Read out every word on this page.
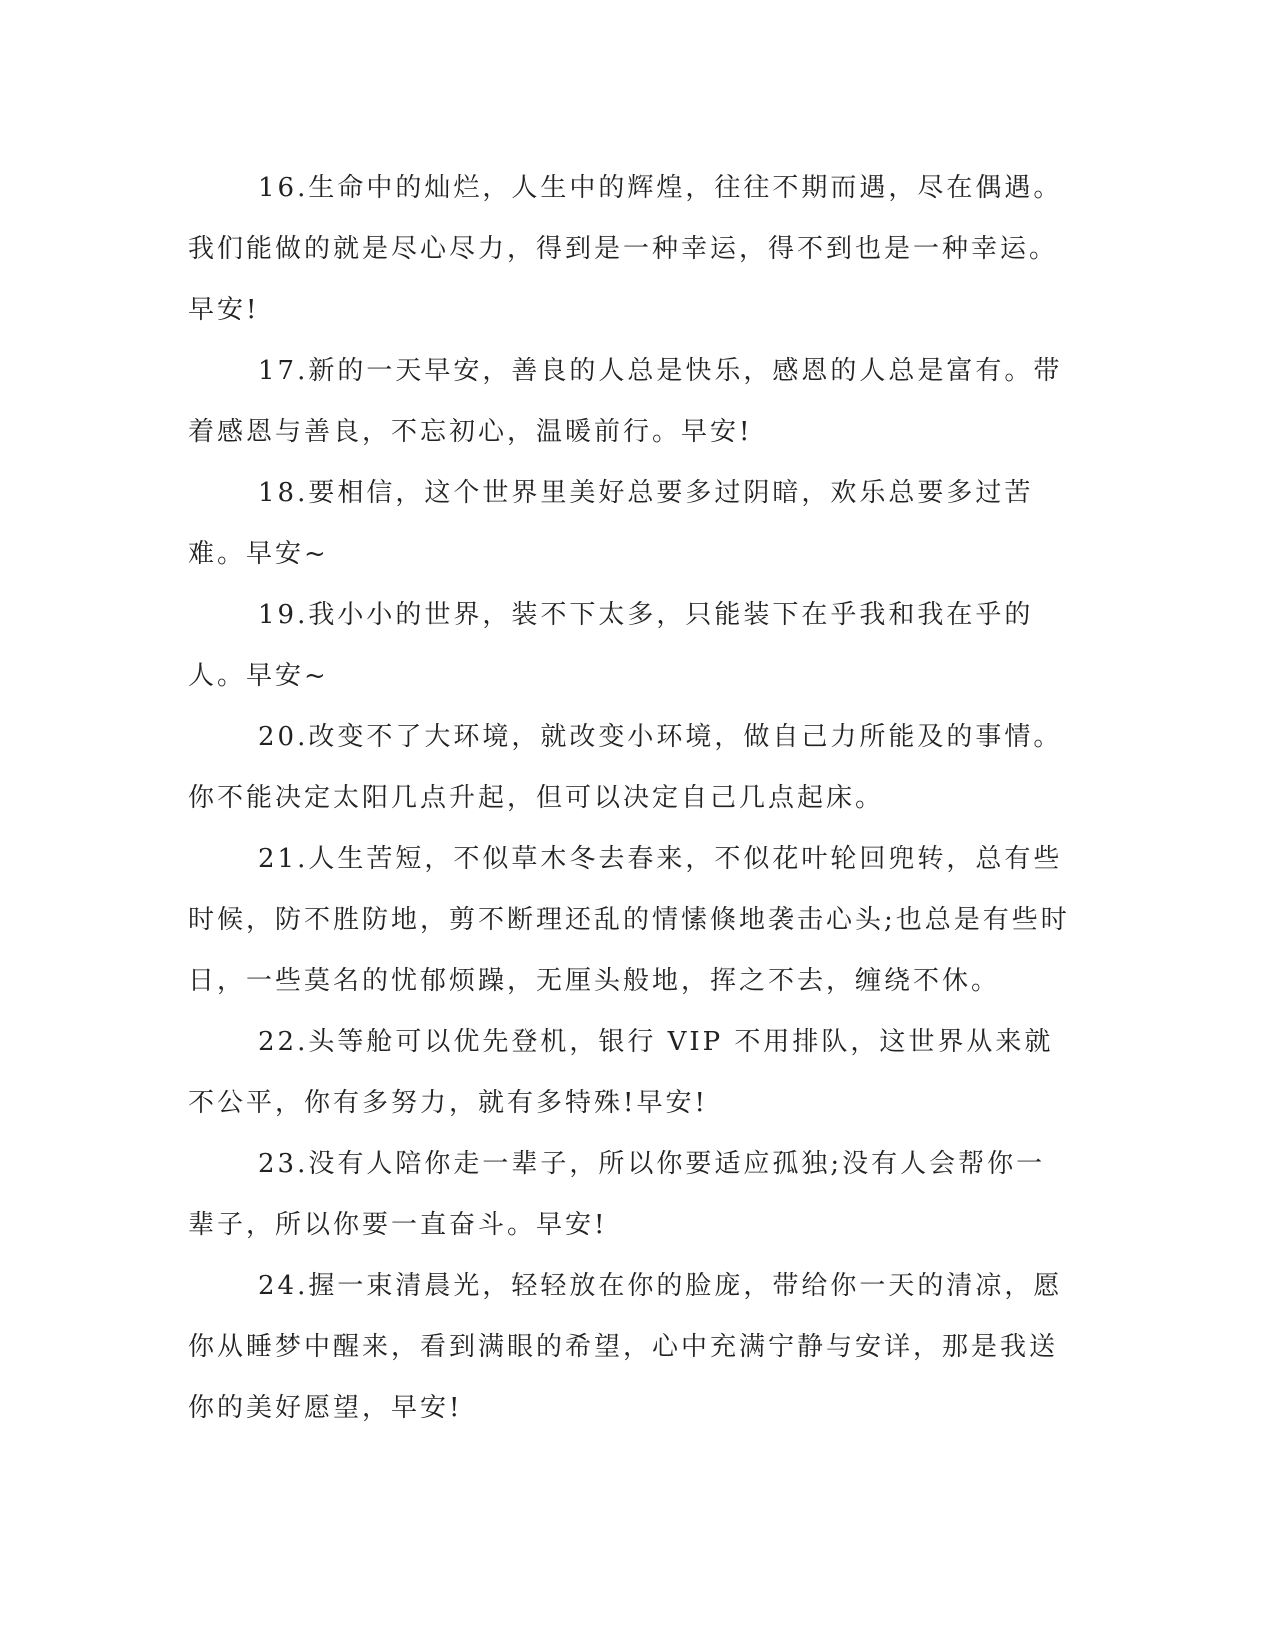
16.生命中的灿烂，人生中的辉煌，往往不期而遇，尽在偶遇。我们能做的就是尽心尽力，得到是一种幸运，得不到也是一种幸运。早安!

17.新的一天早安，善良的人总是快乐，感恩的人总是富有。带着感恩与善良，不忘初心，温暖前行。早安!

18.要相信，这个世界里美好总要多过阴暗，欢乐总要多过苦难。早安~

19.我小小的世界，装不下太多，只能装下在乎我和我在乎的人。早安~

20.改变不了大环境，就改变小环境，做自己力所能及的事情。你不能决定太阳几点升起，但可以决定自己几点起床。

21.人生苦短，不似草木冬去春来，不似花叶轮回兜转，总有些时候，防不胜防地，剪不断理还乱的情愫倏地袭击心头;也总是有些时日，一些莫名的忧郁烦躁，无厘头般地，挥之不去，缠绕不休。

22.头等舱可以优先登机，银行 VIP 不用排队，这世界从来就不公平，你有多努力，就有多特殊!早安!

23.没有人陪你走一辈子，所以你要适应孤独;没有人会帮你一辈子，所以你要一直奋斗。早安!

24.握一束清晨光，轻轻放在你的脸庞，带给你一天的清凉，愿你从睡梦中醒来，看到满眼的希望，心中充满宁静与安详，那是我送你的美好愿望，早安!
